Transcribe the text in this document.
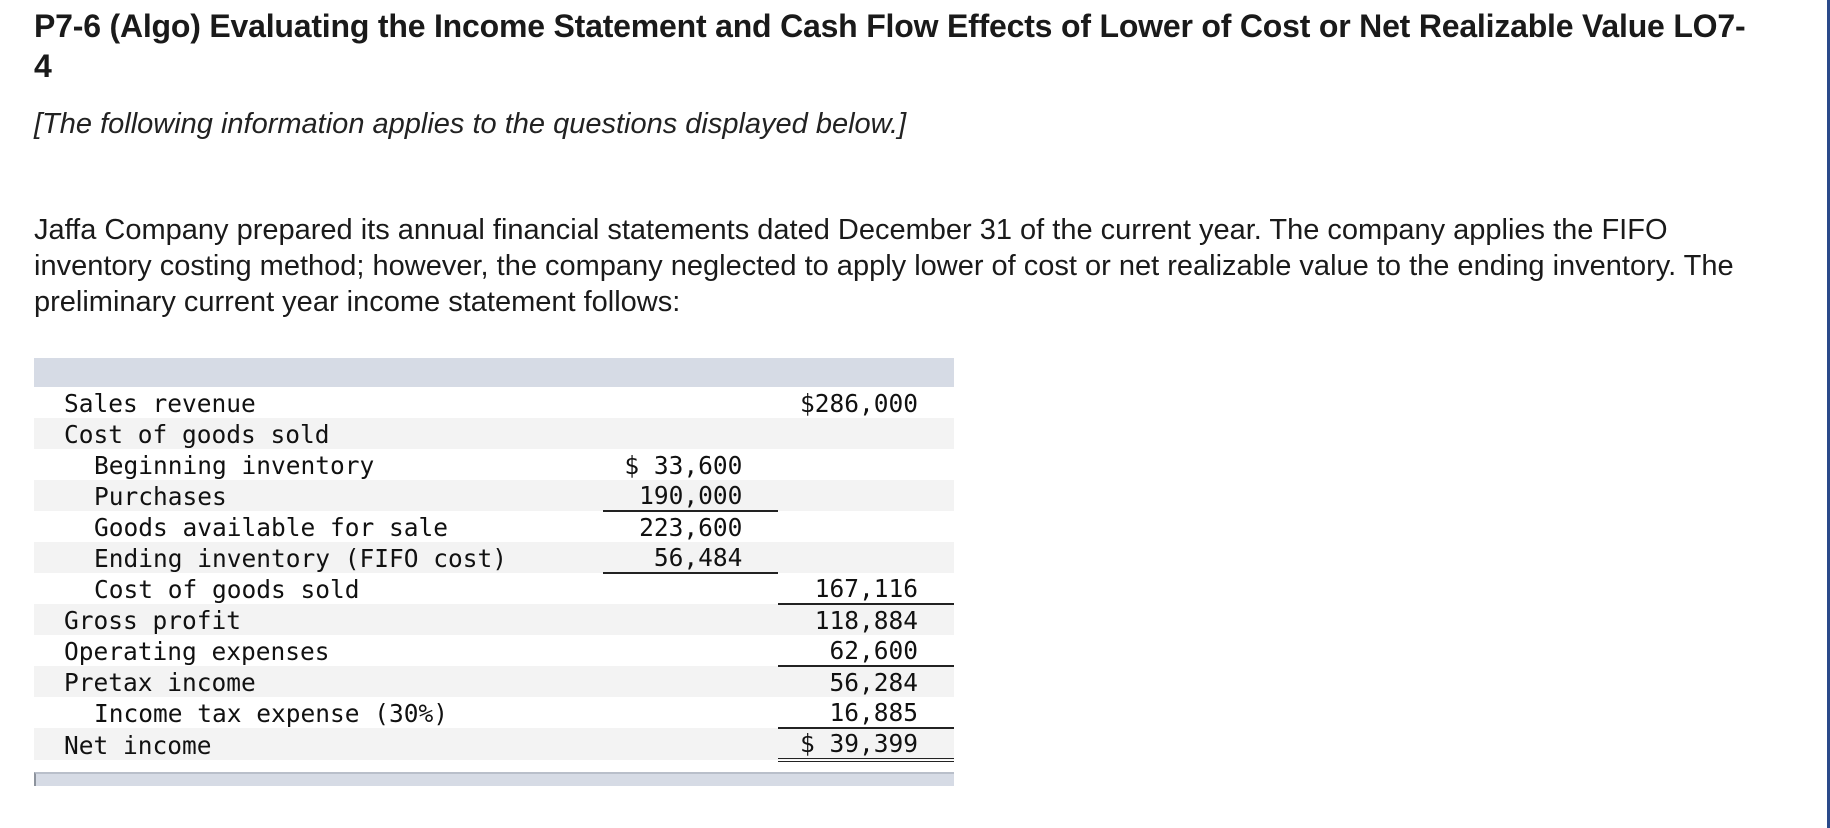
P7-6 (Algo) Evaluating the Income Statement and Cash Flow Effects of Lower of Cost or Net Realizable Value LO7-4

[The following information applies to the questions displayed below.]

Jaffa Company prepared its annual financial statements dated December 31 of the current year. The company applies the FIFO inventory costing method; however, the company neglected to apply lower of cost or net realizable value to the ending inventory. The preliminary current year income statement follows:

Sales revenue		$286,000
Cost of goods sold		
Beginning inventory	$ 33,600	
Purchases	190,000	
Goods available for sale	223,600	
Ending inventory (FIFO cost)	56,484	
Cost of goods sold		167,116
Gross profit		118,884
Operating expenses		62,600
Pretax income		56,284
Income tax expense (30%)		16,885
Net income		$ 39,399
